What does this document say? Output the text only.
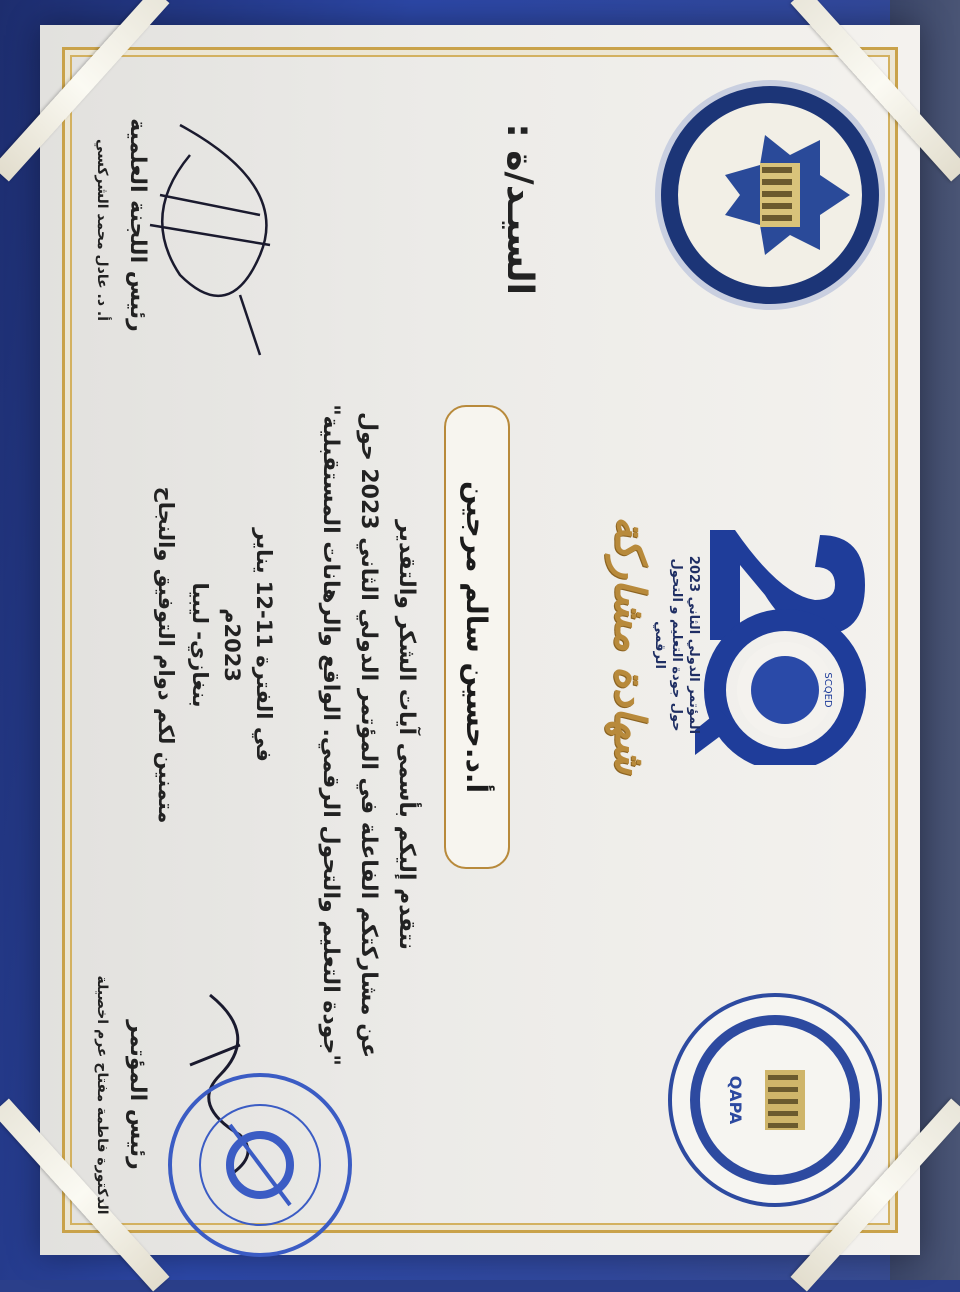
1955
SCQED
المؤتمر الدولي الثاني 2023 حول جودة التعليم و التحول الرقمي
QAPA
شهادة مشاركة
السيـد/ة :
أ.د.حسين سالم مرجين
نتقدم إليكم بأسمى آيات الشكر والتقدير
عن مشاركتكم الفاعلة في المؤتمر الدولي الثاني 2023 حول
"جودة التعليم والتحول الرقمي. الواقع والرهانات المستقبلية"
في الفترة 11-12 يناير 2023م
بنغازي- ليبيا
متمنين لكم دوام التوفيق والنجاح
رئيس اللجنة العلمية
أ. د. عادل محمد الشركسي
رئيس المؤتمر
الدكتورة فاطمة مفتاح عرم اخصيلة
